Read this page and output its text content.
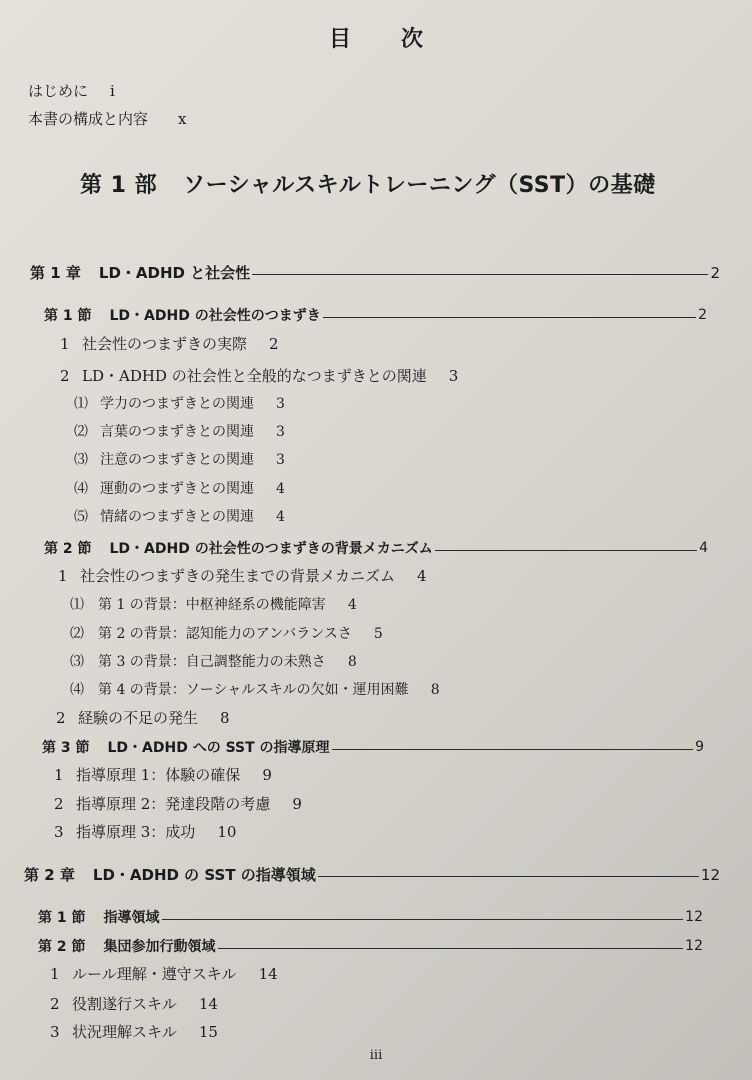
目 次
はじめに i
本書の構成と内容 x
第 1 部 ソーシャルスキルトレーニング（SST）の基礎
第 1 章 LD・ADHD と社会性	2
第 1 節 LD・ADHD の社会性のつまずき	2
1 社会性のつまずきの実際 2
2 LD・ADHD の社会性と全般的なつまずきとの関連 3
⑴ 学力のつまずきとの関連 3
⑵ 言葉のつまずきとの関連 3
⑶ 注意のつまずきとの関連 3
⑷ 運動のつまずきとの関連 4
⑸ 情緒のつまずきとの関連 4
第 2 節 LD・ADHD の社会性のつまずきの背景メカニズム	4
1 社会性のつまずきの発生までの背景メカニズム 4
⑴ 第 1 の背景：中枢神経系の機能障害 4
⑵ 第 2 の背景：認知能力のアンバランスさ 5
⑶ 第 3 の背景：自己調整能力の未熟さ 8
⑷ 第 4 の背景：ソーシャルスキルの欠如・運用困難 8
2 経験の不足の発生 8
第 3 節 LD・ADHD への SST の指導原理	9
1 指導原理 1：体験の確保 9
2 指導原理 2：発達段階の考慮 9
3 指導原理 3：成功 10
第 2 章 LD・ADHD の SST の指導領域	12
第 1 節 指導領域	12
第 2 節 集団参加行動領域	12
1 ルール理解・遵守スキル 14
2 役割遂行スキル 14
3 状況理解スキル 15
iii
